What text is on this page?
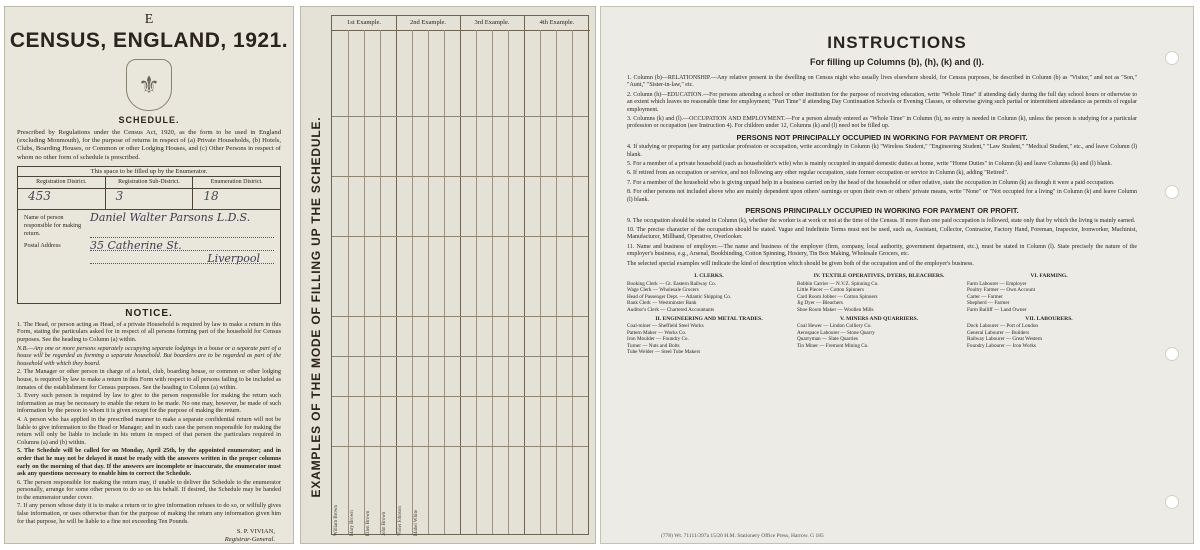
E
CENSUS, ENGLAND, 1921.
⚜
SCHEDULE.
Prescribed by Regulations under the Census Act, 1920, as the form to be used in England (excluding Monmouth), for the purpose of returns in respect of (a) Private Households, (b) Hotels, Clubs, Boarding Houses, or Common or other Lodging Houses, and (c) Other Persons in respect of whom no other form of schedule is prescribed.
This space to be filled up by the Enumerator.
Registration District.	Registration Sub-District.	Enumeration District.
453	3	18
Name of person responsible for making return.
Daniel Walter Parsons L.D.S.
Postal Address	35 Catherine St.
Liverpool
NOTICE.

1. The Head, or person acting as Head, of a private Household is required by law to make a return in this Form, stating the particulars asked for in respect of all persons forming part of the household for Census purposes. See the heading to Column (a) within.

N.B.—Any one or more persons separately occupying separate lodgings in a house or a separate part of a house will be regarded as forming a separate household. But boarders are to be regarded as part of the household with which they board.

2. The Manager or other person in charge of a hotel, club, boarding house, or common or other lodging house, is required by law to make a return in this Form with respect to all persons failing to be included as inmates of the establishment for Census purposes. See the heading to Column (a) within.

3. Every such person is required by law to give to the person responsible for making the return such information as may be necessary to enable the return to be made. No one may, however, be made of such information by the person to whom it is given except for the purpose of making the return.

4. A person who has applied in the prescribed manner to make a separate confidential return will not be liable to give information to the Head or Manager; and in such case the person responsible for making the return will only be liable to include in his return in respect of that person the particulars required in Columns (a) and (b) within.

5. The Schedule will be called for on Monday, April 25th, by the appointed enumerator; and in order that he may not be delayed it must be ready with the answers written in the proper columns early on the morning of that day. If the answers are incomplete or inaccurate, the enumerator must ask any questions necessary to enable him to correct the Schedule.

6. The person responsible for making the return may, if unable to deliver the Schedule to the enumerator personally, arrange for some other person to do so on his behalf. If desired, the Schedule may be handed to the enumerator under cover.

7. If any person whose duty it is to make a return or to give information refuses to do so, or wilfully gives false information, or uses otherwise than for the purpose of making the return any information given him for that purpose, he will be liable to a fine not exceeding Ten Pounds.

S. P. VIVIAN,
Registrar-General.
EXAMPLES OF THE MODE OF FILLING UP THE SCHEDULE.
1st Example.	2nd Example.	3rd Example.	4th Example.
William Brown Mary Brown Ellen Brown John Brown Violet Johnson Mabel White
INSTRUCTIONS
For filling up Columns (b), (h), (k) and (l).

1. Column (b)—RELATIONSHIP.—Any relative present in the dwelling on Census night who usually lives elsewhere should, for Census purposes, be described in Column (b) as "Visitor," and not as "Son," "Aunt," "Sister-in-law," etc.

2. Column (h)—EDUCATION.—For persons attending a school or other institution for the purpose of receiving education, write "Whole Time" if attending daily during the full day school hours or otherwise to an extent which leaves no reasonable time for employment; "Part Time" if attending Day Continuation Schools or Evening Classes, or otherwise giving such partial or intermittent attendance as permits of regular employment.

3. Columns (k) and (l).—OCCUPATION AND EMPLOYMENT.—For a person already entered as "Whole Time" in Column (h), no entry is needed in Column (k), unless the person is studying for a particular profession or occupation (see Instruction 4). For children under 12, Columns (k) and (l) need not be filled up.

PERSONS NOT PRINCIPALLY OCCUPIED IN WORKING FOR PAYMENT OR PROFIT.

4. If studying or preparing for any particular profession or occupation, write accordingly in Column (k) "Wireless Student," "Engineering Student," "Law Student," "Medical Student," etc., and leave Column (l) blank.

5. For a member of a private household (such as householder's wife) who is mainly occupied in unpaid domestic duties at home, write "Home Duties" in Column (k) and leave Columns (k) and (l) blank.

6. If retired from an occupation or service, and not following any other regular occupation, state former occupation or service in Column (k), adding "Retired".

7. For a member of the household who is giving unpaid help in a business carried on by the head of the household or other relative, state the occupation in Column (k) as though it were a paid occupation.

8. For other persons not included above who are mainly dependent upon others' earnings or upon their own or others' private means, write "None" or "Not occupied for a living" in Column (k) and leave Column (l) blank.

PERSONS PRINCIPALLY OCCUPIED IN WORKING FOR PAYMENT OR PROFIT.

9. The occupation should be stated in Column (k), whether the worker is at work or not at the time of the Census. If more than one paid occupation is followed, state only that by which the living is mainly earned.

10. The precise character of the occupation should be stated. Vague and Indefinite Terms must not be used, such as, Assistant, Collector, Contractor, Factory Hand, Foreman, Inspector, Ironworker, Machinist, Manufacturer, Millhand, Operative, Overlooker.

11. Name and business of employer.—The name and business of the employer (firm, company, local authority, government department, etc.), must be stated in Column (l). State precisely the nature of the employer's business, e.g., Arsenal, Bookbinding, Cotton Spinning, Hosiery, Tin Box Making, Wholesale Grocers, etc.

The selected special examples will indicate the kind of description which should be given both of the occupation and of the employer's business.

I. CLERKS.
Booking Clerk — Gt. Eastern Railway Co.
Wage Clerk — Wholesale Grocers
Head of Passenger Dept. — Atlantic Shipping Co.
Bank Clerk — Westminster Bank
Auditor's Clerk — Chartered Accountants
II. ENGINEERING AND METAL TRADES.
Coal-miner — Sheffield Steel Works
Pattern Maker — Works Co.
Iron Moulder — Foundry Co.
Turner — Nuts and Bolts
Tube Welder — Steel Tube Makers
IV. TEXTILE OPERATIVES, DYERS, BLEACHERS.
Bobbin Carrier — N.V.Z. Spinning Co.
Little Piecer — Cotton Spinners
Card Room Jobber — Cotton Spinners
Jig Dyer — Bleachers
Shoe Room Maker — Woollen Mills
V. MINERS AND QUARRIERS.
Coal Hewer — Lindon Colliery Co.
Aerospace Labourer — Stone Quarry
Quarryman — Slate Quarries
Tin Miner — Fremont Mining Co.
VI. FARMING.
Farm Labourer — Employer
Poultry Farmer — Own Account
Carter — Farmer
Shepherd — Farmer
Farm Bailiff — Land Owner
VII. LABOURERS.
Dock Labourer — Port of London
General Labourer — Builders
Railway Labourer — Great Western
Foundry Labourer — Iron Works
(778) Wt. 71111/397a 15/20 H.M. Stationery Office Press, Harrow. G 185
